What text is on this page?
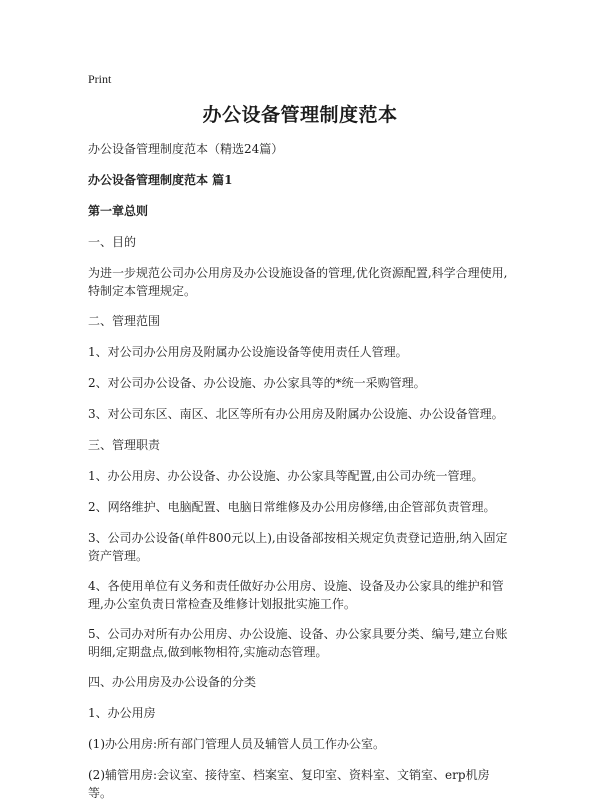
Print
办公设备管理制度范本

办公设备管理制度范本（精选24篇）

办公设备管理制度范本 篇1

第一章总则

一、目的

为进一步规范公司办公用房及办公设施设备的管理,优化资源配置,科学合理使用,特制定本管理规定。

二、管理范围

1、对公司办公用房及附属办公设施设备等使用责任人管理。

2、对公司办公设备、办公设施、办公家具等的*统一采购管理。

3、对公司东区、南区、北区等所有办公用房及附属办公设施、办公设备管理。

三、管理职责

1、办公用房、办公设备、办公设施、办公家具等配置,由公司办统一管理。

2、网络维护、电脑配置、电脑日常维修及办公用房修缮,由企管部负责管理。

3、公司办公设备(单件800元以上),由设备部按相关规定负责登记造册,纳入固定资产管理。

4、各使用单位有义务和责任做好办公用房、设施、设备及办公家具的维护和管理,办公室负责日常检查及维修计划报批实施工作。

5、公司办对所有办公用房、办公设施、设备、办公家具要分类、编号,建立台账明细,定期盘点,做到帐物相符,实施动态管理。

四、办公用房及办公设备的分类

1、办公用房

(1)办公用房:所有部门管理人员及辅管人员工作办公室。

(2)辅管用房:会议室、接待室、档案室、复印室、资料室、文销室、erp机房等。
